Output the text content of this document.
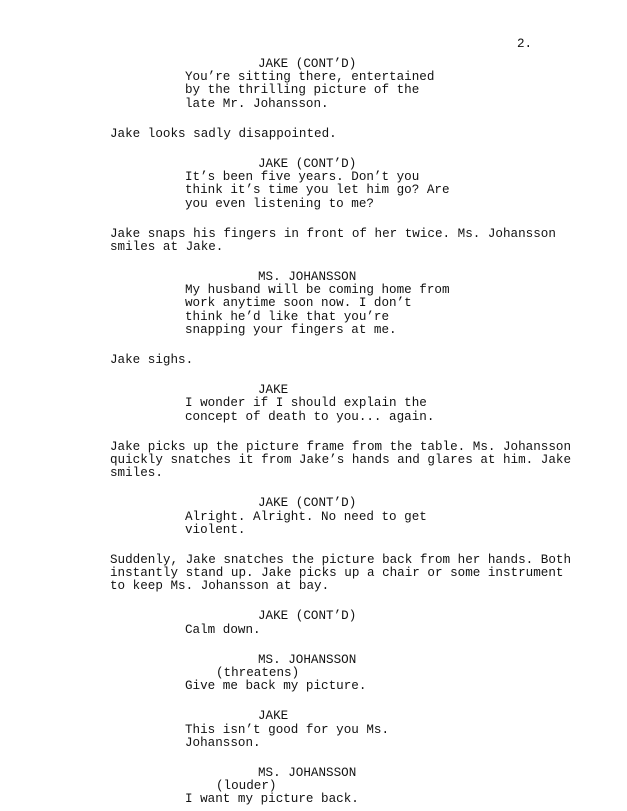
2.
JAKE (CONT’D)
You’re sitting there, entertained
by the thrilling picture of the
late Mr. Johansson.
Jake looks sadly disappointed.
JAKE (CONT’D)
It’s been five years. Don’t you
think it’s time you let him go? Are
you even listening to me?
Jake snaps his fingers in front of her twice. Ms. Johansson
smiles at Jake.
MS. JOHANSSON
My husband will be coming home from
work anytime soon now. I don’t
think he’d like that you’re
snapping your fingers at me.
Jake sighs.
JAKE
I wonder if I should explain the
concept of death to you... again.
Jake picks up the picture frame from the table. Ms. Johansson
quickly snatches it from Jake’s hands and glares at him. Jake
smiles.
JAKE (CONT’D)
Alright. Alright. No need to get
violent.
Suddenly, Jake snatches the picture back from her hands. Both
instantly stand up. Jake picks up a chair or some instrument
to keep Ms. Johansson at bay.
JAKE (CONT’D)
Calm down.
MS. JOHANSSON
(threatens)
Give me back my picture.
JAKE
This isn’t good for you Ms.
Johansson.
MS. JOHANSSON
(louder)
I want my picture back.
